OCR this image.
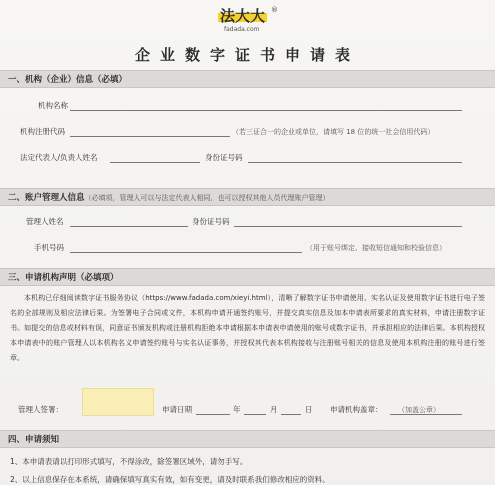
法大大 ®
fadada.com
企业数字证书申请表
一、机构（企业）信息（必填）
机构名称
机构注册代码	（若三证合一的企业或单位，请填写 18 位的统一社会信用代码）
法定代表人/负责人姓名	身份证号码
二、账户管理人信息（必填项，管理人可以与法定代表人相同，也可以授权其他人员代理账户管理）
管理人姓名	身份证号码
手机号码	（用于账号绑定、接收短信通知和校验信息）
三、申请机构声明（必填项）
本机构已仔细阅读数字证书服务协议（https://www.fadada.com/xieyi.html），清晰了解数字证书申请使用、实名认证及使用数字证书进行电子签名的全部规则及相应法律后果。为签署电子合同或文件，本机构申请开通签约账号，并提交真实信息及加本申请表所要求的真实材料，申请注册数字证书。如提交的信息或材料有误，同意证书颁发机构或注册机构拒绝本申请根据本申请表申请使用的账号或数字证书，并承担相应的法律后果。本机构授权本申请表中的账户管理人以本机构名义申请签约账号与实名认证事务，并授权其代表本机构接收与注册账号相关的信息及使用本机构注册的账号进行签章。
管理人签署：	申请日期	年	月	日 申请机构盖章： （加盖公章）
四、申请须知
1、本申请表请以打印形式填写，不得涂改，除签署区域外，请勿手写。
2、以上信息保存在本系统，请确保填写真实有效，如有变更，请及时联系我们修改相应的资料。
